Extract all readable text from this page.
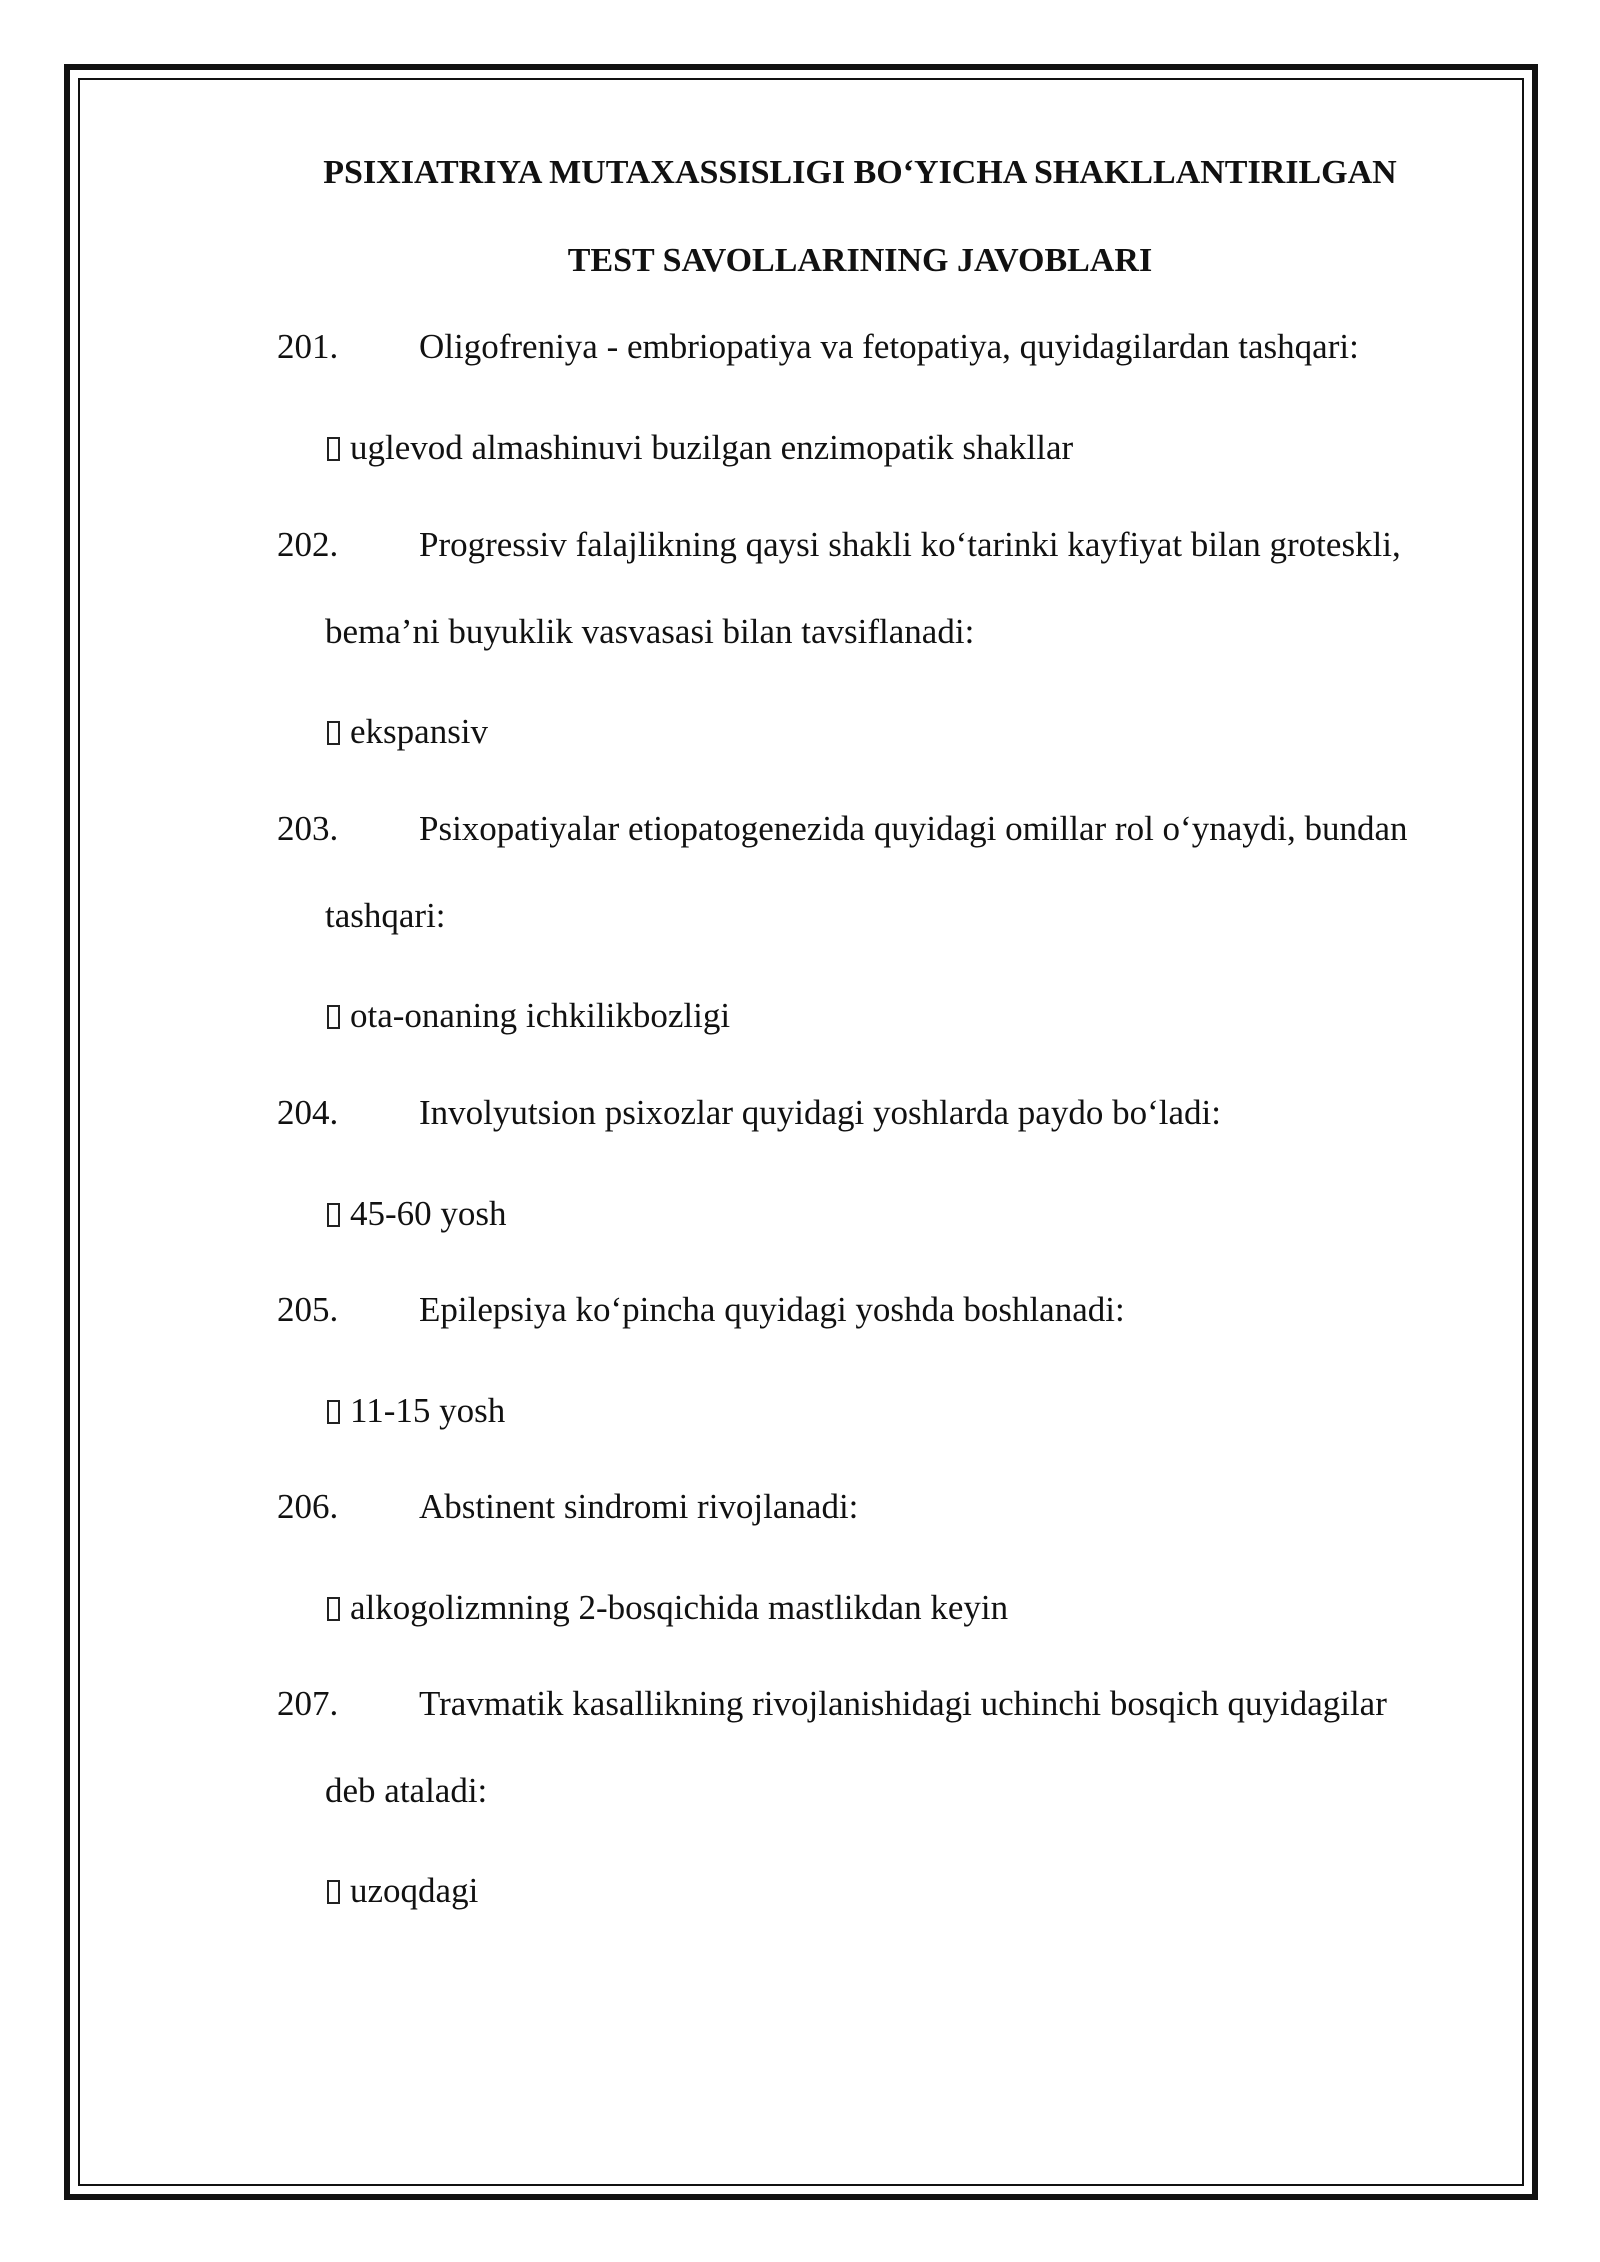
PSIXIATRIYA MUTAXASSISLIGI BO‘YICHA SHAKLLANTIRILGAN
TEST SAVOLLARINING JAVOBLARI
201. Oligofreniya - embriopatiya va fetopatiya, quyidagilardan tashqari:
uglevod almashinuvi buzilgan enzimopatik shakllar
202. Progressiv falajlikning qaysi shakli ko‘tarinki kayfiyat bilan groteskli,
bema’ni buyuklik vasvasasi bilan tavsiflanadi:
ekspansiv
203. Psixopatiyalar etiopatogenezida quyidagi omillar rol o‘ynaydi, bundan
tashqari:
ota-onaning ichkilikbozligi
204. Involyutsion psixozlar quyidagi yoshlarda paydo bo‘ladi:
45-60 yosh
205. Epilepsiya ko‘pincha quyidagi yoshda boshlanadi:
11-15 yosh
206. Abstinent sindromi rivojlanadi:
alkogolizmning 2-bosqichida mastlikdan keyin
207. Travmatik kasallikning rivojlanishidagi uchinchi bosqich quyidagilar
deb ataladi:
uzoqdagi
